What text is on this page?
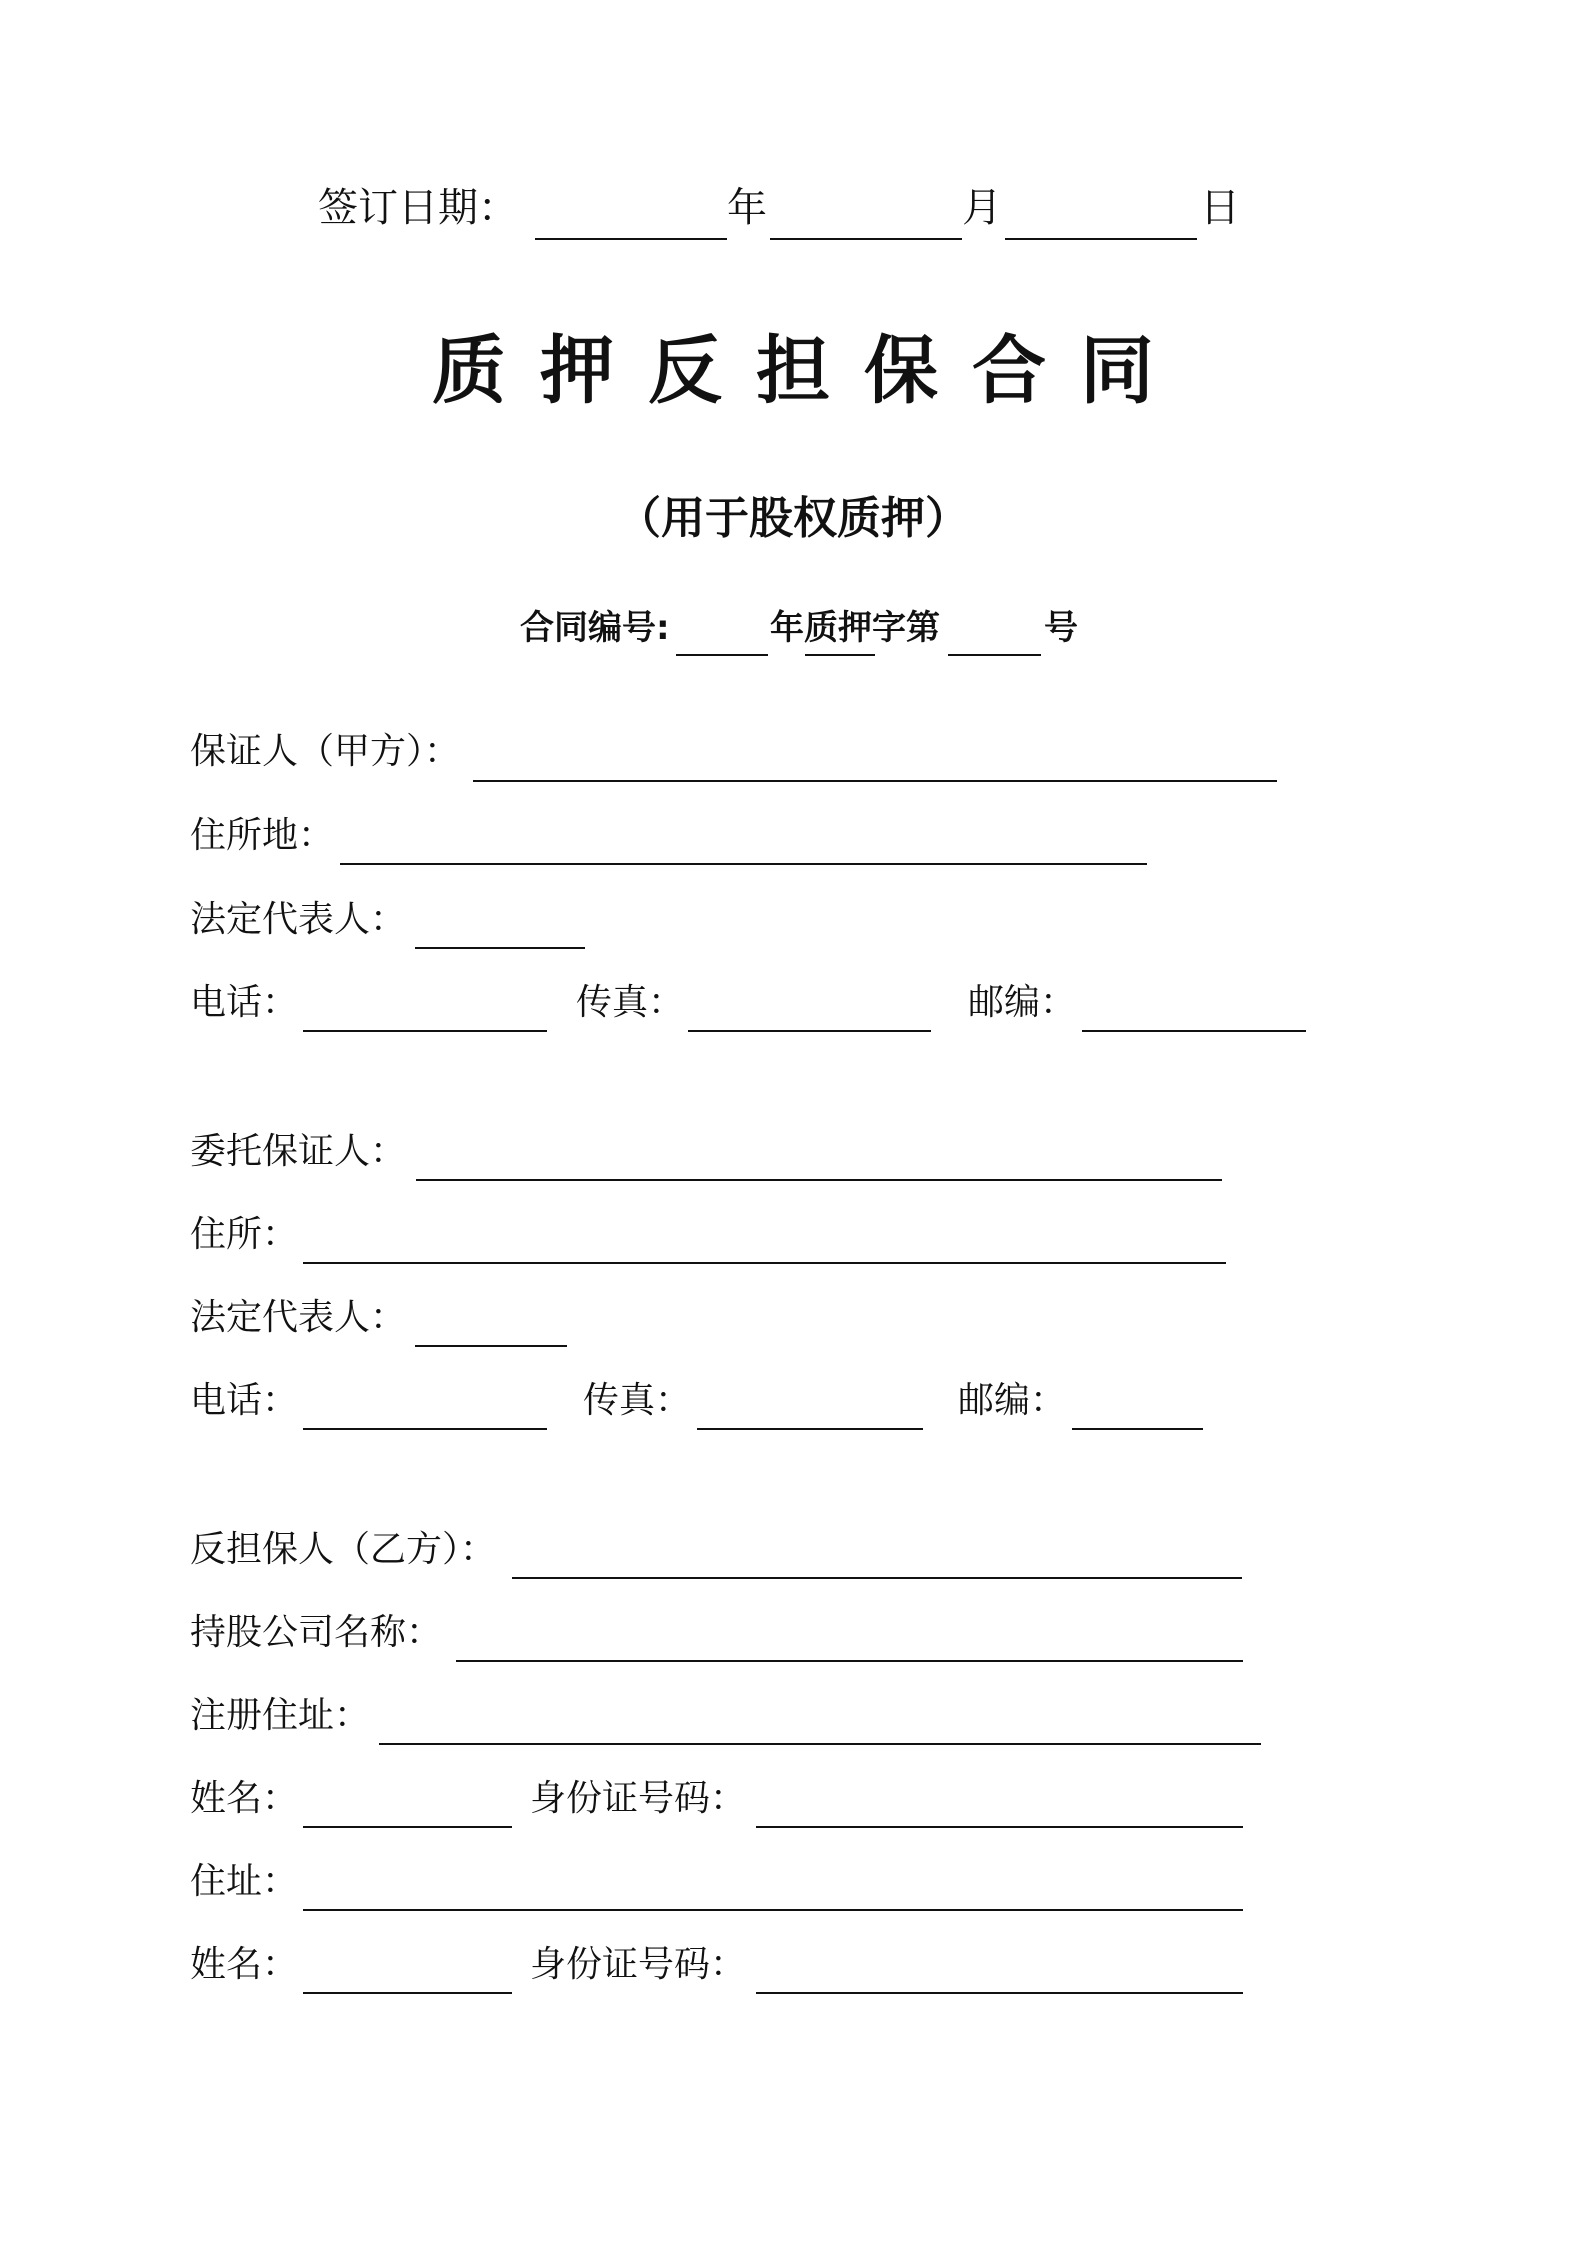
签订日期：	年	月	日
质押反担保合同
（用于股权质押）
合同编号:	年质押字第	号
保证人（甲方）：
住所地：
法定代表人：
电话：	传真：	邮编：
委托保证人：
住所：
法定代表人：
电话：	传真：	邮编：
反担保人（乙方）：
持股公司名称：
注册住址：
姓名：	身份证号码：
住址：
姓名：	身份证号码：
